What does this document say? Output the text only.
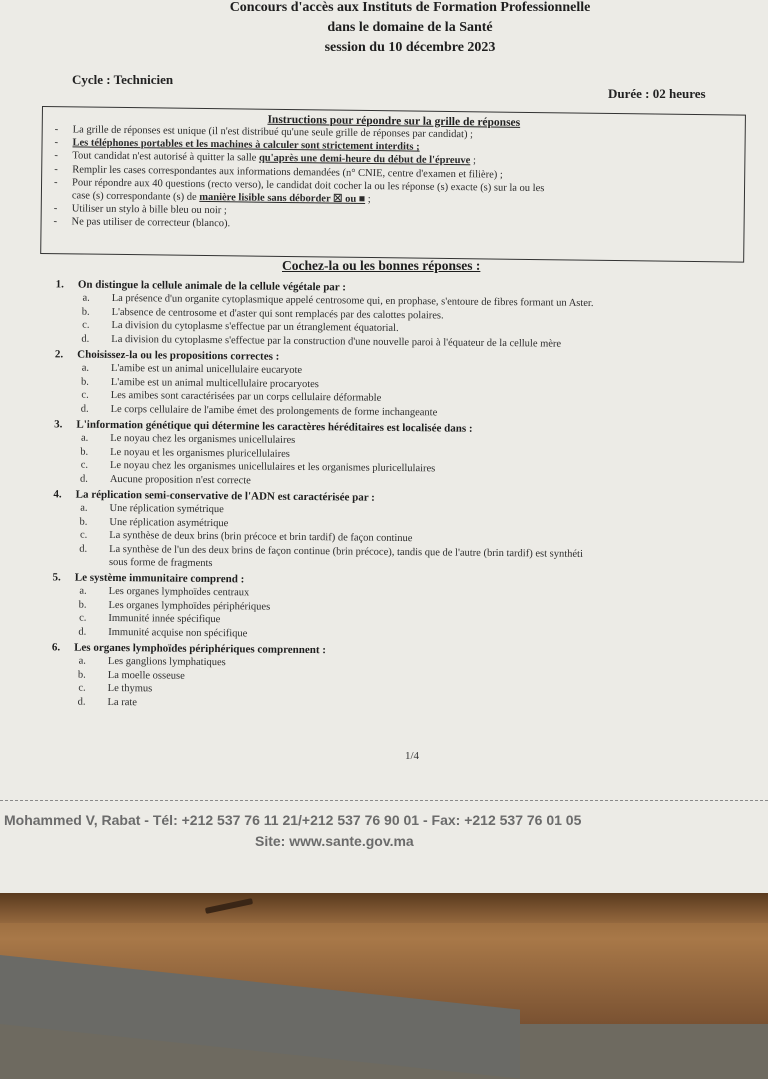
Concours d'accès aux Instituts de Formation Professionnelle
dans le domaine de la Santé
session du 10 décembre 2023
Cycle : Technicien
Durée : 02 heures
Instructions pour répondre sur la grille de réponses
- La grille de réponses est unique (il n'est distribué qu'une seule grille de réponses par candidat) ;
- Les téléphones portables et les machines à calculer sont strictement interdits ;
- Tout candidat n'est autorisé à quitter la salle qu'après une demi-heure du début de l'épreuve ;
- Remplir les cases correspondantes aux informations demandées (n° CNIE, centre d'examen et filière) ;
- Pour répondre aux 40 questions (recto verso), le candidat doit cocher la ou les réponse (s) exacte (s) sur la ou les
case (s) correspondante (s) de manière lisible sans déborder ☒ ou ■ ;
- Utiliser un stylo à bille bleu ou noir ;
- Ne pas utiliser de correcteur (blanco).
Cochez-la ou les bonnes réponses :
1. On distingue la cellule animale de la cellule végétale par :
a. La présence d'un organite cytoplasmique appelé centrosome qui, en prophase, s'entoure de fibres formant un Aster.
b. L'absence de centrosome et d'aster qui sont remplacés par des calottes polaires.
c. La division du cytoplasme s'effectue par un étranglement équatorial.
d. La division du cytoplasme s'effectue par la construction d'une nouvelle paroi à l'équateur de la cellule mère
2. Choisissez-la ou les propositions correctes :
a. L'amibe est un animal unicellulaire eucaryote
b. L'amibe est un animal multicellulaire procaryotes
c. Les amibes sont caractérisées par un corps cellulaire déformable
d. Le corps cellulaire de l'amibe émet des prolongements de forme inchangeante
3. L'information génétique qui détermine les caractères héréditaires est localisée dans :
a. Le noyau chez les organismes unicellulaires
b. Le noyau et les organismes pluricellulaires
c. Le noyau chez les organismes unicellulaires et les organismes pluricellulaires
d. Aucune proposition n'est correcte
4. La réplication semi-conservative de l'ADN est caractérisée par :
a. Une réplication symétrique
b. Une réplication asymétrique
c. La synthèse de deux brins (brin précoce et brin tardif) de façon continue
d. La synthèse de l'un des deux brins de façon continue (brin précoce), tandis que de l'autre (brin tardif) est synthéti
sous forme de fragments
5. Le système immunitaire comprend :
a. Les organes lymphoïdes centraux
b. Les organes lymphoïdes périphériques
c. Immunité innée spécifique
d. Immunité acquise non spécifique
6. Les organes lymphoïdes périphériques comprennent :
a. Les ganglions lymphatiques
b. La moelle osseuse
c. Le thymus
d. La rate
1/4
Mohammed V, Rabat - Tél: +212 537 76 11 21/+212 537 76 90 01 - Fax: +212 537 76 01 05
Site: www.sante.gov.ma
